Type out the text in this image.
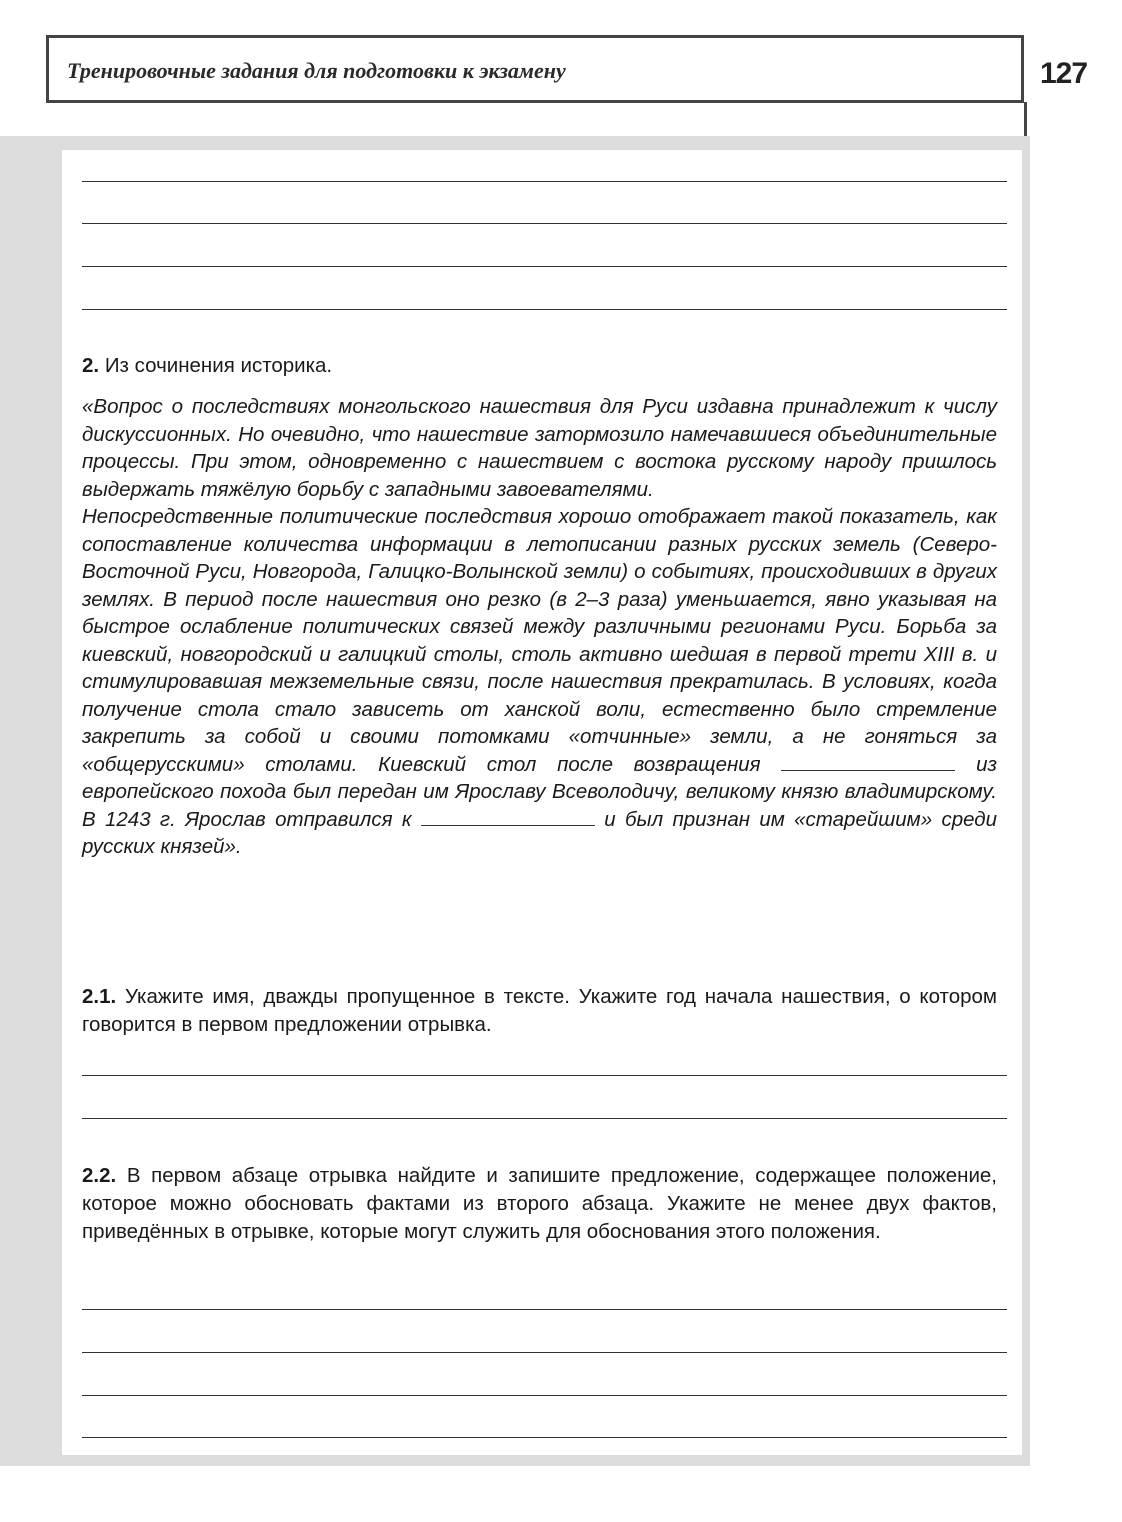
Тренировочные задания для подготовки к экзамену	127
2. Из сочинения историка.

«Вопрос о последствиях монгольского нашествия для Руси издавна принадлежит к числу дискуссионных. Но очевидно, что нашествие затормозило намечавшиеся объединительные процессы. При этом, одновременно с нашествием с востока русскому народу пришлось выдержать тяжёлую борьбу с западными завоевателями.

Непосредственные политические последствия хорошо отображает такой показатель, как сопоставление количества информации в летописании разных русских земель (Северо-Восточной Руси, Новгорода, Галицко-Волынской земли) о событиях, происходивших в других землях. В период после нашествия оно резко (в 2–3 раза) уменьшается, явно указывая на быстрое ослабление политических связей между различными регионами Руси. Борьба за киевский, новгородский и галицкий столы, столь активно шедшая в первой трети XIII в. и стимулировавшая межземельные связи, после нашествия прекратилась. В условиях, когда получение стола стало зависеть от ханской воли, естественно было стремление закрепить за собой и своими потомками «отчинные» земли, а не гоняться за «общерусскими» столами. Киевский стол после возвращения	из европейского похода был передан им Ярославу Всеволодичу, великому князю владимирскому. В 1243 г. Ярослав отправился к	и был признан им «старейшим» среди русских князей».

2.1. Укажите имя, дважды пропущенное в тексте. Укажите год начала нашествия, о котором говорится в первом предложении отрывка.
2.2. В первом абзаце отрывка найдите и запишите предложение, содержащее положение, которое можно обосновать фактами из второго абзаца. Укажите не менее двух фактов, приведённых в отрывке, которые могут служить для обоснования этого положения.
